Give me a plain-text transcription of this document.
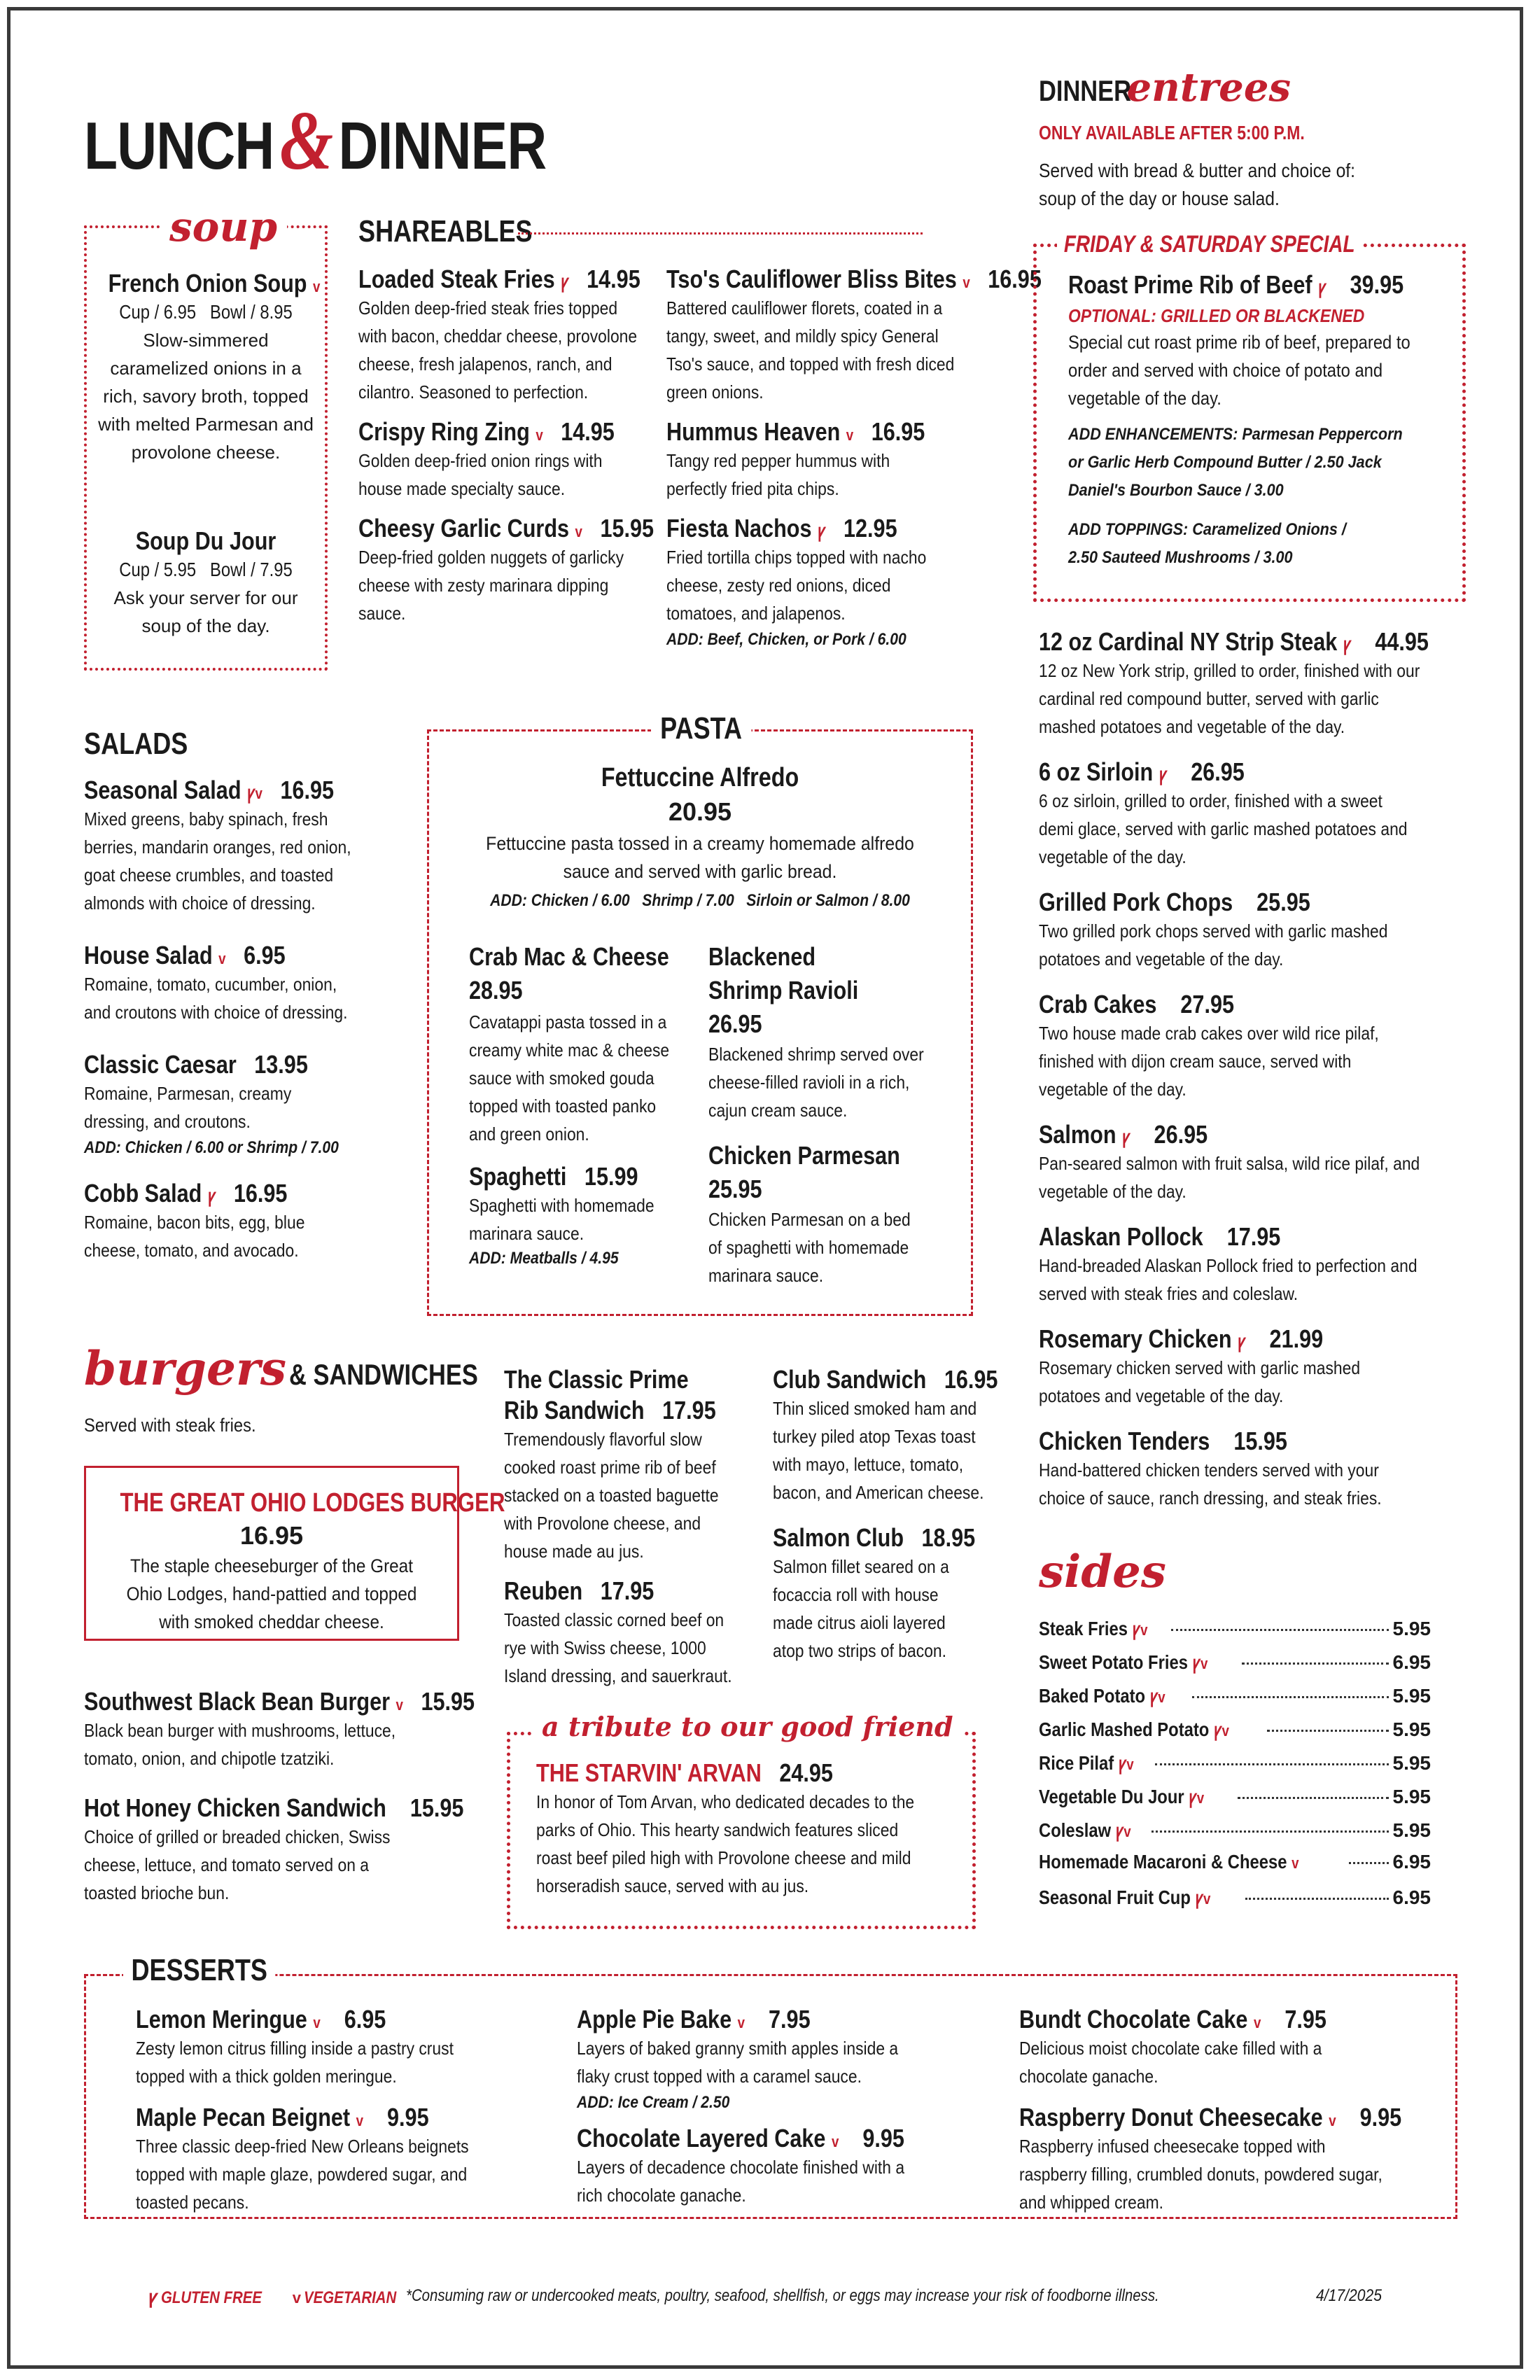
LUNCH&DINNER
soup
French Onion Soup v
Cup / 6.95   Bowl / 8.95
Slow-simmered caramelized onions in a rich, savory broth, topped with melted Parmesan and provolone cheese.
Soup Du Jour
Cup / 5.95   Bowl / 7.95
Ask your server for our soup of the day.
SHAREABLES
Loaded Steak Fries ꝩ 14.95
Golden deep-fried steak fries topped with bacon, cheddar cheese, provolone cheese, fresh jalapenos, ranch, and cilantro. Seasoned to perfection.
Crispy Ring Zing v 14.95
Golden deep-fried onion rings with house made specialty sauce.
Cheesy Garlic Curds v 15.95
Deep-fried golden nuggets of garlicky cheese with zesty marinara dipping sauce.
Tso's Cauliflower Bliss Bites v 16.95
Battered cauliflower florets, coated in a tangy, sweet, and mildly spicy General Tso's sauce, and topped with fresh diced green onions.
Hummus Heaven v 16.95
Tangy red pepper hummus with perfectly fried pita chips.
Fiesta Nachos ꝩ 12.95
Fried tortilla chips topped with nacho cheese, zesty red onions, diced tomatoes, and jalapenos.
ADD: Beef, Chicken, or Pork / 6.00
SALADS
Seasonal Salad ꝩv 16.95
Mixed greens, baby spinach, fresh berries, mandarin oranges, red onion, goat cheese crumbles, and toasted almonds with choice of dressing.
House Salad v 6.95
Romaine, tomato, cucumber, onion, and croutons with choice of dressing.
Classic Caesar 13.95
Romaine, Parmesan, creamy dressing, and croutons.
ADD: Chicken / 6.00 or Shrimp / 7.00
Cobb Salad ꝩ 16.95
Romaine, bacon bits, egg, blue cheese, tomato, and avocado.
PASTA
Fettuccine Alfredo
20.95
Fettuccine pasta tossed in a creamy homemade alfredo sauce and served with garlic bread.
ADD: Chicken / 6.00   Shrimp / 7.00   Sirloin or Salmon / 8.00
Crab Mac & Cheese
28.95
Cavatappi pasta tossed in a creamy white mac & cheese sauce with smoked gouda topped with toasted panko and green onion.
Spaghetti 15.99
Spaghetti with homemade marinara sauce.
ADD: Meatballs / 4.95
Blackened
Shrimp Ravioli
26.95
Blackened shrimp served over cheese-filled ravioli in a rich, cajun cream sauce.
Chicken Parmesan
25.95
Chicken Parmesan on a bed of spaghetti with homemade marinara sauce.
burgers & SANDWICHES
Served with steak fries.
THE GREAT OHIO LODGES BURGER
16.95
The staple cheeseburger of the Great Ohio Lodges, hand-pattied and topped with smoked cheddar cheese.
Southwest Black Bean Burger v 15.95
Black bean burger with mushrooms, lettuce, tomato, onion, and chipotle tzatziki.
Hot Honey Chicken Sandwich 15.95
Choice of grilled or breaded chicken, Swiss cheese, lettuce, and tomato served on a toasted brioche bun.
The Classic Prime
Rib Sandwich 17.95
Tremendously flavorful slow cooked roast prime rib of beef stacked on a toasted baguette with Provolone cheese, and house made au jus.
Reuben 17.95
Toasted classic corned beef on rye with Swiss cheese, 1000 Island dressing, and sauerkraut.
Club Sandwich 16.95
Thin sliced smoked ham and turkey piled atop Texas toast with mayo, lettuce, tomato, bacon, and American cheese.
Salmon Club 18.95
Salmon fillet seared on a focaccia roll with house made citrus aioli layered atop two strips of bacon.
a tribute to our good friend
THE STARVIN' ARVAN 24.95
In honor of Tom Arvan, who dedicated decades to the parks of Ohio. This hearty sandwich features sliced roast beef piled high with Provolone cheese and mild horseradish sauce, served with au jus.
DINNER entrees
ONLY AVAILABLE AFTER 5:00 P.M.
Served with bread & butter and choice of: soup of the day or house salad.
FRIDAY & SATURDAY SPECIAL
Roast Prime Rib of Beef ꝩ 39.95
OPTIONAL: GRILLED OR BLACKENED
Special cut roast prime rib of beef, prepared to order and served with choice of potato and vegetable of the day.
ADD ENHANCEMENTS: Parmesan Peppercorn or Garlic Herb Compound Butter / 2.50 Jack Daniel's Bourbon Sauce / 3.00
ADD TOPPINGS: Caramelized Onions / 2.50 Sauteed Mushrooms / 3.00
12 oz Cardinal NY Strip Steak ꝩ 44.95
12 oz New York strip, grilled to order, finished with our cardinal red compound butter, served with garlic mashed potatoes and vegetable of the day.
6 oz Sirloin ꝩ 26.95
6 oz sirloin, grilled to order, finished with a sweet demi glace, served with garlic mashed potatoes and vegetable of the day.
Grilled Pork Chops 25.95
Two grilled pork chops served with garlic mashed potatoes and vegetable of the day.
Crab Cakes 27.95
Two house made crab cakes over wild rice pilaf, finished with dijon cream sauce, served with vegetable of the day.
Salmon ꝩ 26.95
Pan-seared salmon with fruit salsa, wild rice pilaf, and vegetable of the day.
Alaskan Pollock 17.95
Hand-breaded Alaskan Pollock fried to perfection and served with steak fries and coleslaw.
Rosemary Chicken ꝩ 21.99
Rosemary chicken served with garlic mashed potatoes and vegetable of the day.
Chicken Tenders 15.95
Hand-battered chicken tenders served with your choice of sauce, ranch dressing, and steak fries.
sides
Steak Fries ꝩv	5.95
Sweet Potato Fries ꝩv	6.95
Baked Potato ꝩv	5.95
Garlic Mashed Potato ꝩv	5.95
Rice Pilaf ꝩv	5.95
Vegetable Du Jour ꝩv	5.95
Coleslaw ꝩv	5.95
Homemade Macaroni & Cheese v	6.95
Seasonal Fruit Cup ꝩv	6.95
DESSERTS
Lemon Meringue v 6.95
Zesty lemon citrus filling inside a pastry crust topped with a thick golden meringue.
Maple Pecan Beignet v 9.95
Three classic deep-fried New Orleans beignets topped with maple glaze, powdered sugar, and toasted pecans.
Apple Pie Bake v 7.95
Layers of baked granny smith apples inside a flaky crust topped with a caramel sauce.
ADD: Ice Cream / 2.50
Chocolate Layered Cake v 9.95
Layers of decadence chocolate finished with a rich chocolate ganache.
Bundt Chocolate Cake v 7.95
Delicious moist chocolate cake filled with a chocolate ganache.
Raspberry Donut Cheesecake v 9.95
Raspberry infused cheesecake topped with raspberry filling, crumbled donuts, powdered sugar, and whipped cream.
ꝩ GLUTEN FREE v VEGETARIAN *Consuming raw or undercooked meats, poultry, seafood, shellfish, or eggs may increase your risk of foodborne illness.	4/17/2025
